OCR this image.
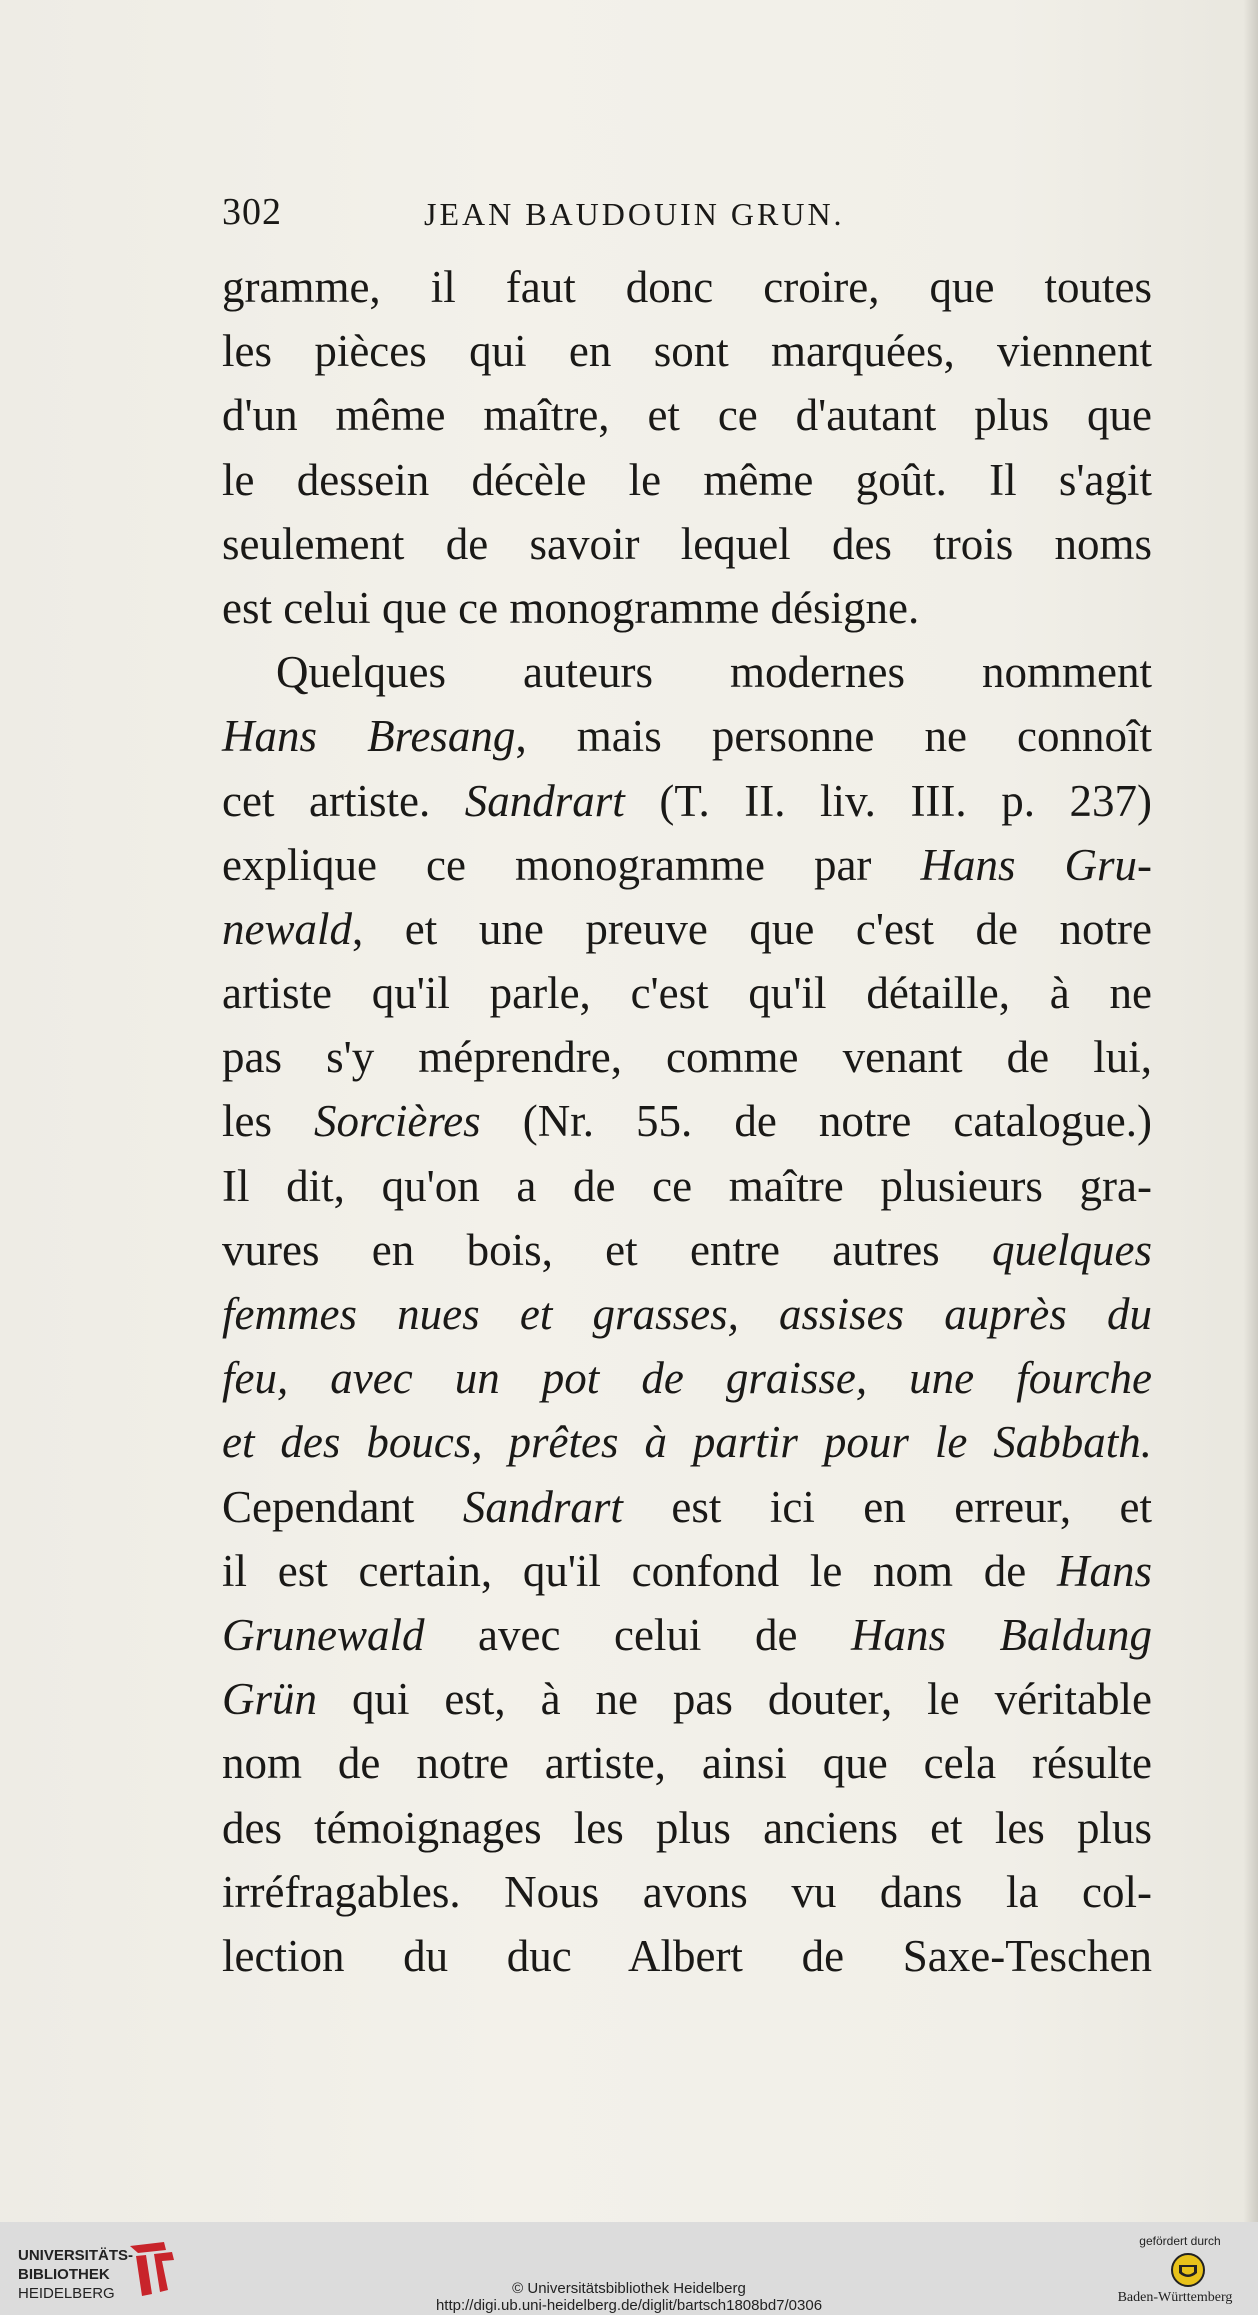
302	JEAN BAUDOUIN GRUN.
gramme, il faut donc croire, que toutes
les pièces qui en sont marquées, viennent
d'un même maître, et ce d'autant plus que
le dessein décèle le même goût. Il s'agit
seulement de savoir lequel des trois noms
est celui que ce monogramme désigne.
Quelques auteurs modernes nomment
Hans Bresang, mais personne ne connoît
cet artiste. Sandrart (T. II. liv. III. p. 237)
explique ce monogramme par Hans Gru-
newald, et une preuve que c'est de notre
artiste qu'il parle, c'est qu'il détaille, à ne
pas s'y méprendre, comme venant de lui,
les Sorcières (Nr. 55. de notre catalogue.)
Il dit, qu'on a de ce maître plusieurs gra-
vures en bois, et entre autres quelques
femmes nues et grasses, assises auprès du
feu, avec un pot de graisse, une fourche
et des boucs, prêtes à partir pour le Sabbath.
Cependant Sandrart est ici en erreur, et
il est certain, qu'il confond le nom de Hans
Grunewald avec celui de Hans Baldung
Grün qui est, à ne pas douter, le véritable
nom de notre artiste, ainsi que cela résulte
des témoignages les plus anciens et les plus
irréfragables. Nous avons vu dans la col-
lection du duc Albert de Saxe-Teschen
UNIVERSITÄTS-
BIBLIOTHEK
HEIDELBERG	© Universitätsbibliothek Heidelberg
http://digi.ub.uni-heidelberg.de/diglit/bartsch1808bd7/0306
gefördert durch
Baden-Württemberg
